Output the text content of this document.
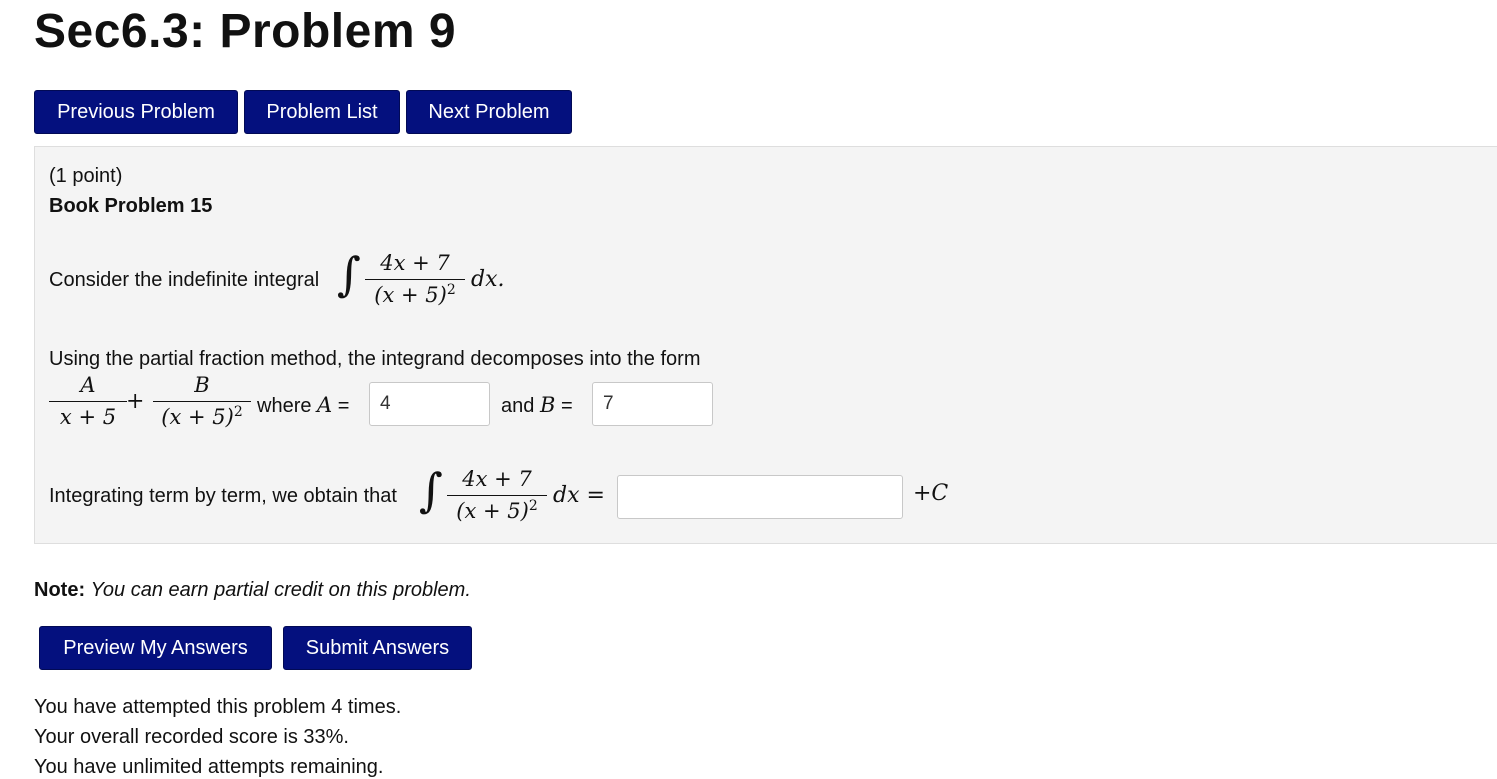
Sec6.3: Problem 9
Previous Problem	Problem List	Next Problem
(1 point)
Book Problem 15
Consider the indefinite integral ∫ 4x + 7
$(x + 5)^2$ dx.
Using the partial fraction method, the integrand decomposes into the form
A
x + 5
+
B
$(x + 5)^2$ where A =
4	and B =
7
Integrating term by term, we obtain that ∫ 4x + 7
$(x + 5)^2$ dx =	+C
Note: You can earn partial credit on this problem.
Preview My Answers	Submit Answers
You have attempted this problem 4 times.
Your overall recorded score is 33%.
You have unlimited attempts remaining.
